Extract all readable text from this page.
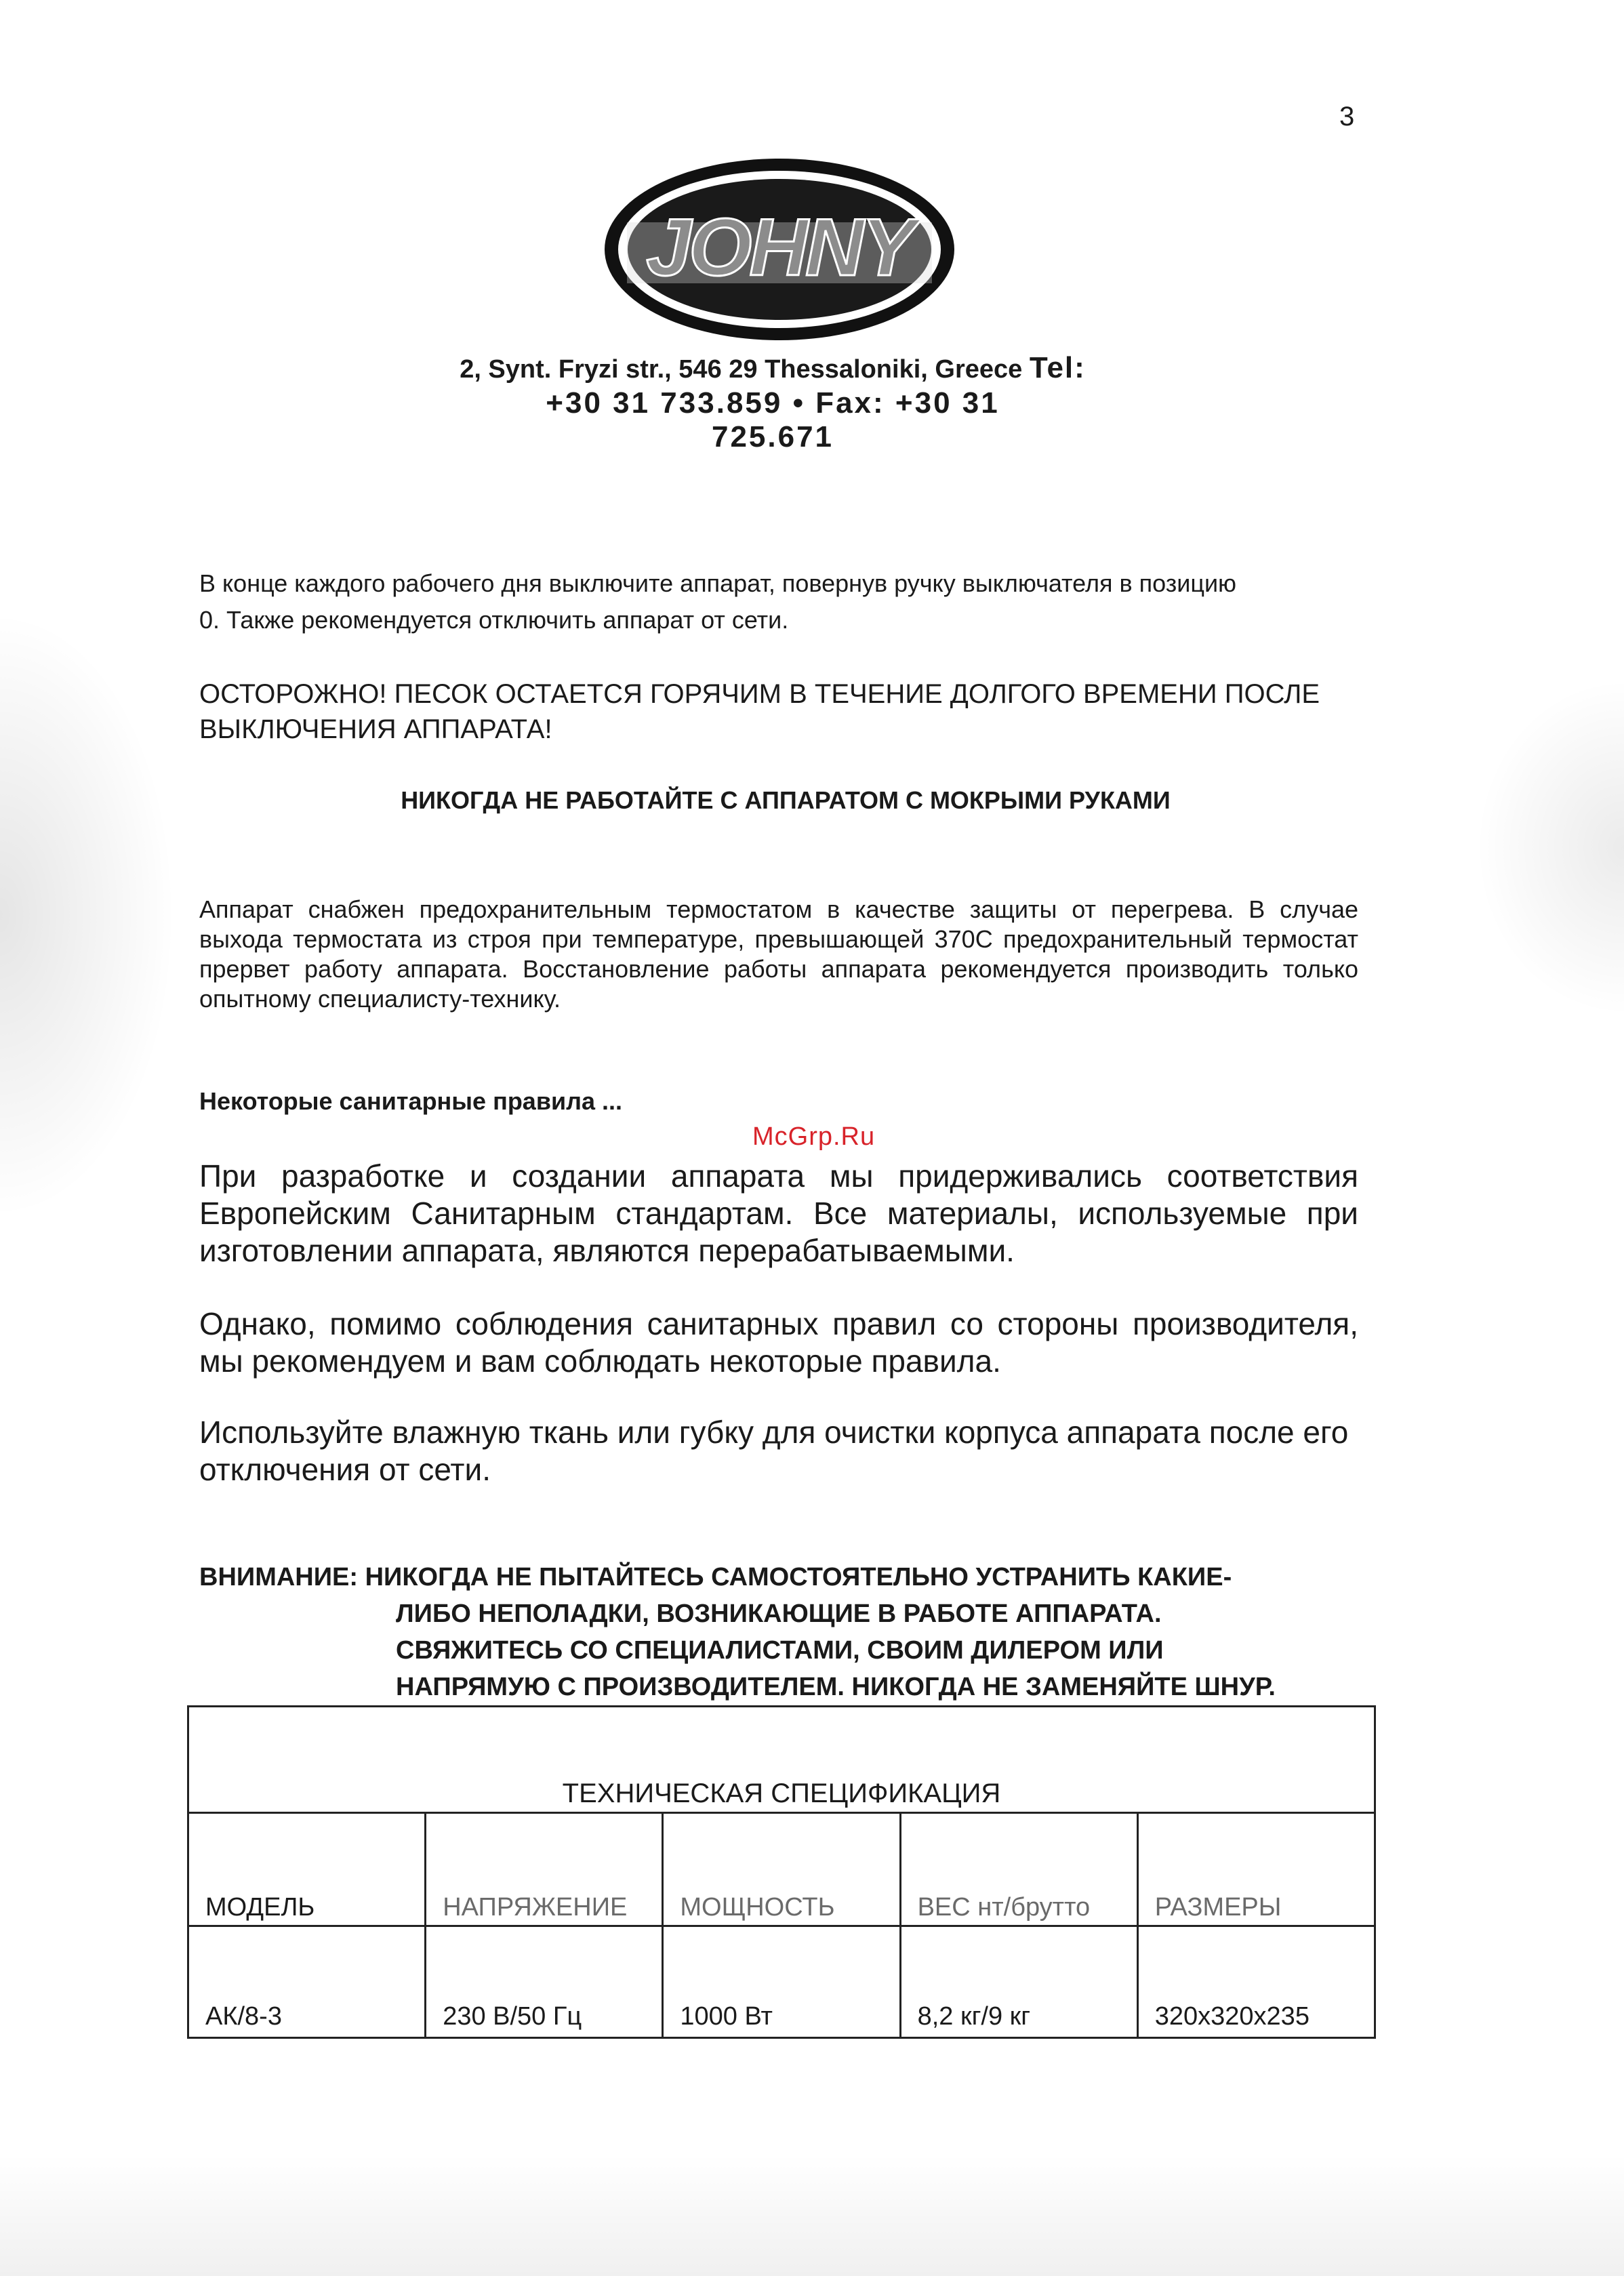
3
JOHNY
2, Synt. Fryzi str., 546 29 Thessaloniki, Greece Tel:
+30 31 733.859 • Fax: +30 31
725.671

В конце каждого рабочего дня выключите аппарат, повернув ручку выключателя в позицию 0. Также рекомендуется отключить аппарат от сети.

ОСТОРОЖНО! ПЕСОК ОСТАЕТСЯ ГОРЯЧИМ В ТЕЧЕНИЕ ДОЛГОГО ВРЕМЕНИ ПОСЛЕ ВЫКЛЮЧЕНИЯ АППАРАТА!

НИКОГДА НЕ РАБОТАЙТЕ С АППАРАТОМ С МОКРЫМИ РУКАМИ

Аппарат снабжен предохранительным термостатом в качестве защиты от перегрева. В случае выхода термостата из строя при температуре, превышающей 370С предохранительный термостат прервет работу аппарата. Восстановление работы аппарата рекомендуется производить только опытному специалисту-технику.

Некоторые санитарные правила ...

McGrp.Ru

При разработке и создании аппарата мы придерживались соответствия Европейским Санитарным стандартам. Все материалы, используемые при изготовлении аппарата, являются перерабатываемыми.

Однако, помимо соблюдения санитарных правил со стороны производителя, мы рекомендуем и вам соблюдать некоторые правила.

Используйте влажную ткань или губку для очистки корпуса аппарата после его отключения от сети.

ВНИМАНИЕ: НИКОГДА НЕ ПЫТАЙТЕСЬ САМОСТОЯТЕЛЬНО УСТРАНИТЬ КАКИЕ-
ЛИБО НЕПОЛАДКИ, ВОЗНИКАЮЩИЕ В РАБОТЕ АППАРАТА.
СВЯЖИТЕСЬ СО СПЕЦИАЛИСТАМИ, СВОИМ ДИЛЕРОМ ИЛИ
НАПРЯМУЮ С ПРОИЗВОДИТЕЛЕМ. НИКОГДА НЕ ЗАМЕНЯЙТЕ ШНУР.
ТЕХНИЧЕСКАЯ СПЕЦИФИКАЦИЯ				
МОДЕЛЬ	НАПРЯЖЕНИЕ	МОЩНОСТЬ	ВЕС нт/брутто	РАЗМЕРЫ
АК/8-3	230 В/50 Гц	1000 Вт	8,2 кг/9 кг	320x320x235
